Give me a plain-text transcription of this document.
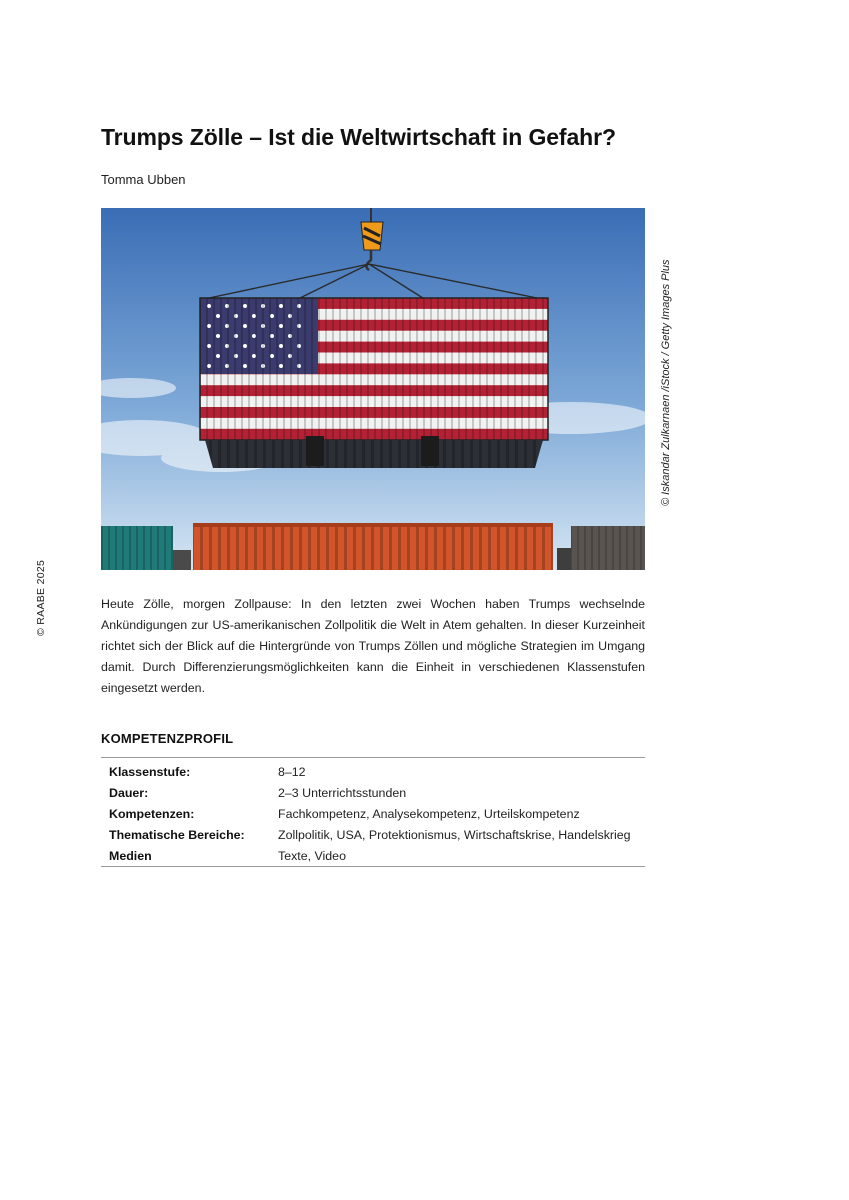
Trumps Zölle – Ist die Weltwirtschaft in Gefahr?
Tomma Ubben
© Iskandar Zulkarnaen /iStock / Getty Images Plus
© RAABE 2025	Heute Zölle, morgen Zollpause: In den letzten zwei Wochen haben Trumps wechselnde Ankündigungen zur US-amerikanischen Zollpolitik die Welt in Atem gehalten. In dieser Kurzeinheit richtet sich der Blick auf die Hintergründe von Trumps Zöllen und mögliche Strategien im Umgang damit. Durch Differenzierungsmöglichkeiten kann die Einheit in verschiedenen Klassenstufen eingesetzt werden.

KOMPETENZPROFIL
Klassenstufe:	8–12
Dauer:	2–3 Unterrichtsstunden
Kompetenzen:	Fachkompetenz, Analysekompetenz, Urteilskompetenz
Thematische Bereiche:	Zollpolitik, USA, Protektionismus, Wirtschaftskrise, Handelskrieg
Medien	Texte, Video
